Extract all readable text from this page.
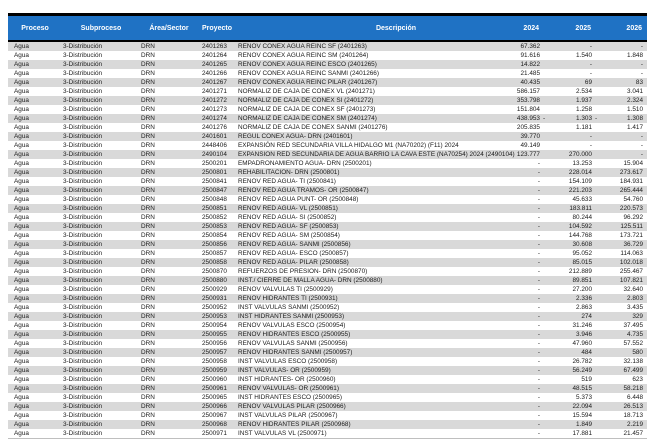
Proceso	Subproceso	Área/Sector	Proyecto	Descripción	2024	2025	2026
Agua	3-Distribución	DRN	2401263	RENOV CONEX AGUA REINC SF (2401263)	67.362	-	-
Agua	3-Distribución	DRN	2401264	RENOV CONEX AGUA REINC SM (2401264)	91.616	1.540	1.848
Agua	3-Distribución	DRN	2401265	RENOV CONEX AGUA REINC ESCO (2401265)	14.822	-	-
Agua	3-Distribución	DRN	2401266	RENOV CONEX AGUA REINC SANMI (2401266)	21.485	-	-
Agua	3-Distribución	DRN	2401267	RENOV CONEX AGUA REINC PILAR (2401267)	40.435	69	83
Agua	3-Distribución	DRN	2401271	NORMALIZ DE CAJA DE CONEX VL (2401271)	586.157	2.534	3.041
Agua	3-Distribución	DRN	2401272	NORMALIZ DE CAJA DE CONEX SI (2401272)	353.798	1.937	2.324
Agua	3-Distribución	DRN	2401273	NORMALIZ DE CAJA DE CONEX SF (2401273)	151.804	1.258	1.510
Agua	3-Distribución	DRN	2401274	NORMALIZ DE CAJA DE CONEX SM (2401274)	438.953 -	1.303 -	1.308
Agua	3-Distribución	DRN	2401276	NORMALIZ DE CAJA DE CONEX SANMI (2401276)	205.835	1.181	1.417
Agua	3-Distribución	DRN	2401601	REGUL CONEX AGUA- DRN (2401601)	39.770	-	-
Agua	3-Distribución	DRN	2448406	EXPANSIÓN RED SECUNDARIA VILLA HIDALGO M1 (NA70202) (F11) 2024	49.149	-	-
Agua	3-Distribución	DRN	2490104	EXPANSION RED SECUNDARIA DE AGUA BARRIO LA CAVA ESTE (NA70254) 2024 (2490104)	123.777	270.000	-
Agua	3-Distribución	DRN	2500201	EMPADRONAMIENTO AGUA- DRN (2500201)	-	13.253	15.904
Agua	3-Distribución	DRN	2500801	REHABILITACION- DRN (2500801)	-	228.014	273.617
Agua	3-Distribución	DRN	2500841	RENOV RED AGUA- TI (2500841)	-	154.109	184.931
Agua	3-Distribución	DRN	2500847	RENOV RED AGUA TRAMOS- OR (2500847)	-	221.203	265.444
Agua	3-Distribución	DRN	2500848	RENOV RED AGUA PUNT- OR (2500848)	-	45.633	54.760
Agua	3-Distribución	DRN	2500851	RENOV RED AGUA- VL (2500851)	-	183.811	220.573
Agua	3-Distribución	DRN	2500852	RENOV RED AGUA- SI (2500852)	-	80.244	96.292
Agua	3-Distribución	DRN	2500853	RENOV RED AGUA- SF (2500853)	-	104.592	125.511
Agua	3-Distribución	DRN	2500854	RENOV RED AGUA- SM (2500854)	-	144.768	173.721
Agua	3-Distribución	DRN	2500856	RENOV RED AGUA- SANMI (2500856)	-	30.608	36.729
Agua	3-Distribución	DRN	2500857	RENOV RED AGUA- ESCO (2500857)	-	95.052	114.063
Agua	3-Distribución	DRN	2500858	RENOV RED AGUA- PILAR (2500858)	-	85.015	102.018
Agua	3-Distribución	DRN	2500870	REFUERZOS DE PRESION- DRN (2500870)	-	212.889	255.467
Agua	3-Distribución	DRN	2500880	INST./ CIERRE DE MALLA AGUA- DRN (2500880)	-	89.851	107.821
Agua	3-Distribución	DRN	2500929	RENOV VALVULAS TI (2500929)	-	27.200	32.640
Agua	3-Distribución	DRN	2500931	RENOV HIDRANTES TI (2500931)	-	2.336	2.803
Agua	3-Distribución	DRN	2500952	INST VALVULAS SANMI (2500952)	-	2.863	3.435
Agua	3-Distribución	DRN	2500953	INST HIDRANTES SANMI (2500953)	-	274	329
Agua	3-Distribución	DRN	2500954	RENOV VALVULAS ESCO (2500954)	-	31.246	37.495
Agua	3-Distribución	DRN	2500955	RENOV HIDRANTES ESCO (2500955)	-	3.946	4.735
Agua	3-Distribución	DRN	2500956	RENOV VALVULAS SANMI (2500956)	-	47.960	57.552
Agua	3-Distribución	DRN	2500957	RENOV HIDRANTES SANMI (2500957)	-	484	580
Agua	3-Distribución	DRN	2500958	INST VALVULAS ESCO (2500958)	-	26.782	32.138
Agua	3-Distribución	DRN	2500959	INST VALVULAS- OR (2500959)	-	56.249	67.499
Agua	3-Distribución	DRN	2500960	INST HIDRANTES- OR (2500960)	-	519	623
Agua	3-Distribución	DRN	2500961	RENOV VALVULAS- OR (2500961)	-	48.515	58.218
Agua	3-Distribución	DRN	2500965	INST HIDRANTES ESCO (2500965)	-	5.373	6.448
Agua	3-Distribución	DRN	2500966	RENOV VALVULAS PILAR (2500966)	-	22.094	26.513
Agua	3-Distribución	DRN	2500967	INST VALVULAS PILAR (2500967)	-	15.594	18.713
Agua	3-Distribución	DRN	2500968	RENOV HIDRANTES PILAR (2500968)	-	1.849	2.219
Agua	3-Distribución	DRN	2500971	INST VALVULAS VL (2500971)	-	17.881	21.457
